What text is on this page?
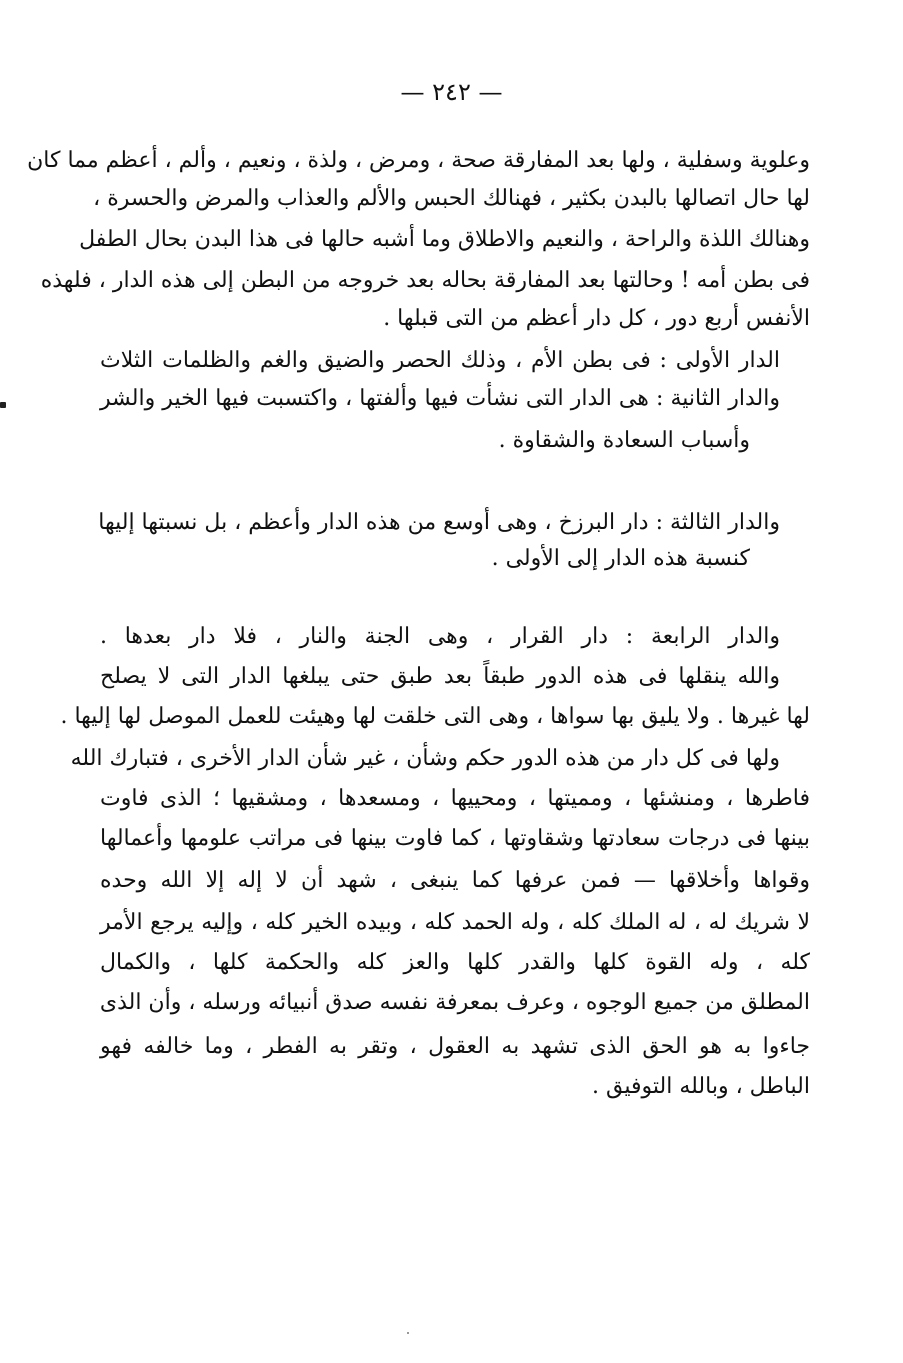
— ٢٤٢ —
وعلوية وسفلية ، ولها بعد المفارقة صحة ، ومرض ، ولذة ، ونعيم ، وألم ، أعظم مما كان
لها حال اتصالها بالبدن بكثير ، فهنالك الحبس والألم والعذاب والمرض والحسرة ،
وهنالك اللذة والراحة ، والنعيم والاطلاق وما أشبه حالها فى هذا البدن بحال الطفل
فى بطن أمه ! وحالتها بعد المفارقة بحاله بعد خروجه من البطن إلى هذه الدار ، فلهذه
الأنفس أربع دور ، كل دار أعظم من التى قبلها .
الدار الأولى : فى بطن الأم ، وذلك الحصر والضيق والغم والظلمات الثلاث
والدار الثانية : هى الدار التى نشأت فيها وألفتها ، واكتسبت فيها الخير والشر
وأسباب السعادة والشقاوة .
والدار الثالثة : دار البرزخ ، وهى أوسع من هذه الدار وأعظم ، بل نسبتها إليها
كنسبة هذه الدار إلى الأولى .
والدار الرابعة : دار القرار ، وهى الجنة والنار ، فلا دار بعدها .
والله ينقلها فى هذه الدور طبقاً بعد طبق حتى يبلغها الدار التى لا يصلح
لها غيرها . ولا يليق بها سواها ، وهى التى خلقت لها وهيئت للعمل الموصل لها إليها .
ولها فى كل دار من هذه الدور حكم وشأن ، غير شأن الدار الأخرى ، فتبارك الله
فاطرها ، ومنشئها ، ومميتها ، ومحييها ، ومسعدها ، ومشقيها ؛ الذى فاوت
بينها فى درجات سعادتها وشقاوتها ، كما فاوت بينها فى مراتب علومها وأعمالها
وقواها وأخلاقها — فمن عرفها كما ينبغى ، شهد أن لا إله إلا الله وحده
لا شريك له ، له الملك كله ، وله الحمد كله ، وبيده الخير كله ، وإليه يرجع الأمر
كله ، وله القوة كلها والقدر كلها والعز كله والحكمة كلها ، والكمال
المطلق من جميع الوجوه ، وعرف بمعرفة نفسه صدق أنبيائه ورسله ، وأن الذى
جاءوا به هو الحق الذى تشهد به العقول ، وتقر به الفطر ، وما خالفه فهو
الباطل ، وبالله التوفيق .
